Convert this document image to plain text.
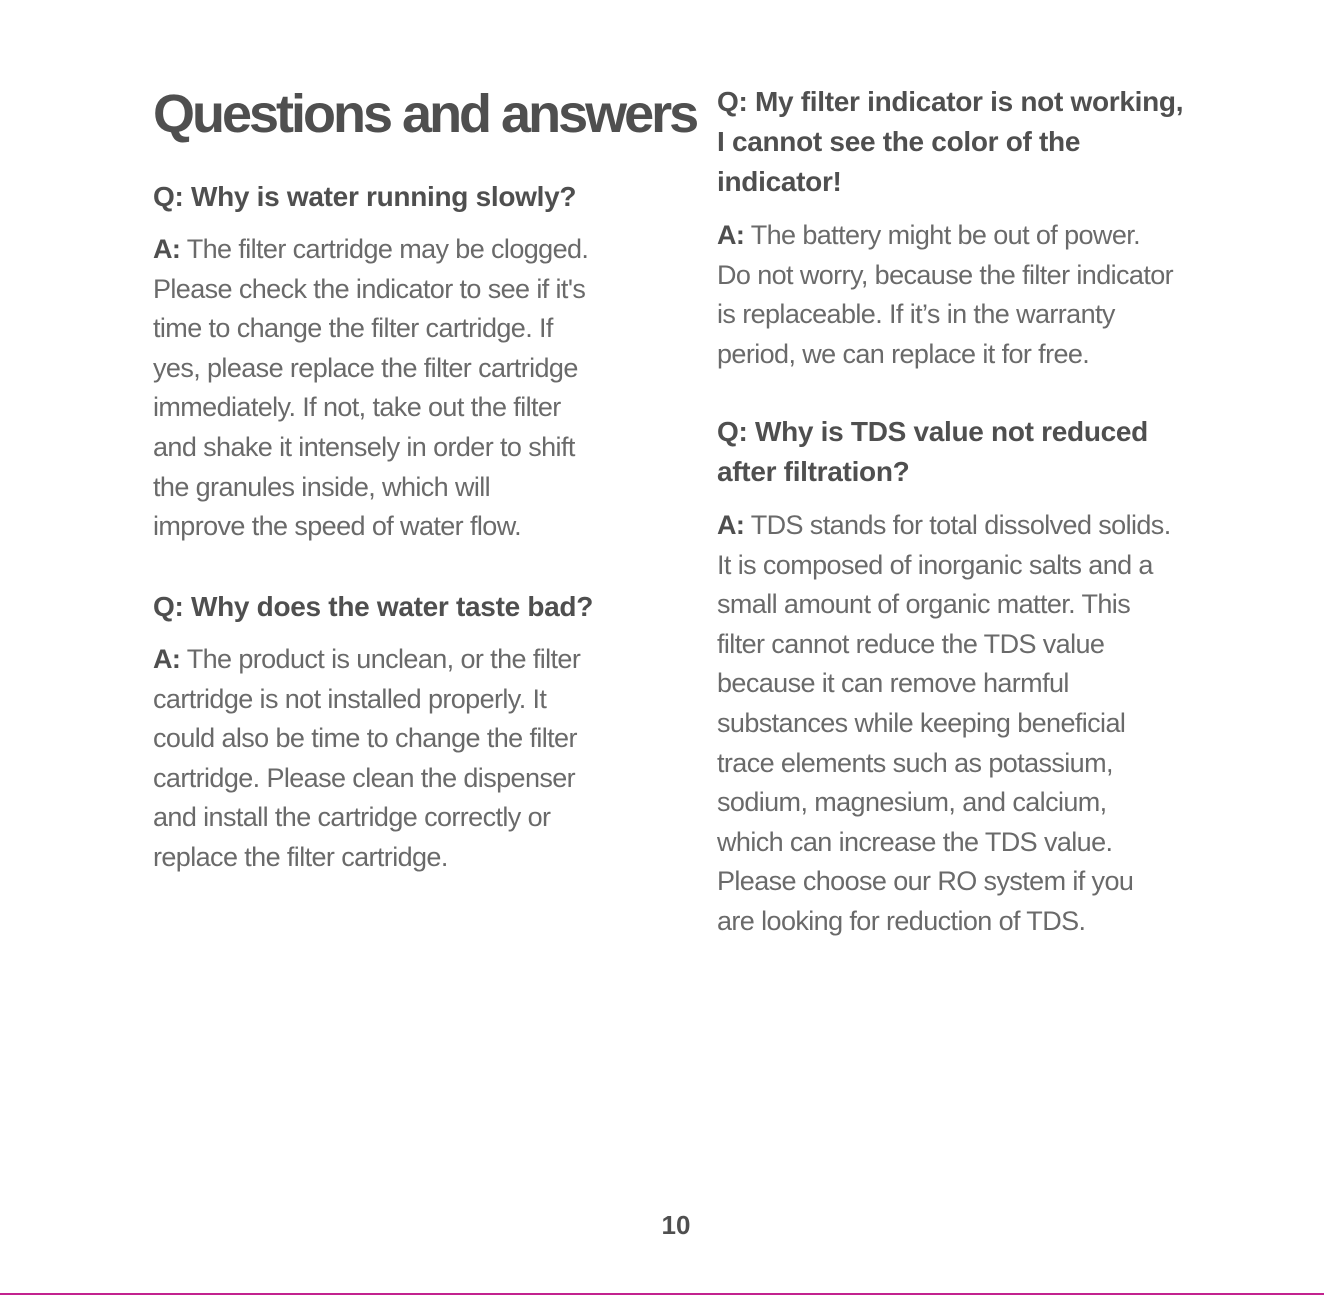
Questions and answers
Q: Why is water running slowly?

A: The filter cartridge may be clogged.
Please check the indicator to see if it's
time to change the filter cartridge. If
yes, please replace the filter cartridge
immediately. If not, take out the filter
and shake it intensely in order to shift
the granules inside, which will
improve the speed of water flow.

Q: Why does the water taste bad?

A: The product is unclean, or the filter
cartridge is not installed properly. It
could also be time to change the filter
cartridge. Please clean the dispenser
and install the cartridge correctly or
replace the filter cartridge.

Q: My filter indicator is not working,
I cannot see the color of the
indicator!

A: The battery might be out of power.
Do not worry, because the filter indicator
is replaceable. If it’s in the warranty
period, we can replace it for free.

Q: Why is TDS value not reduced
after filtration?

A: TDS stands for total dissolved solids.
It is composed of inorganic salts and a
small amount of organic matter. This
filter cannot reduce the TDS value
because it can remove harmful
substances while keeping beneficial
trace elements such as potassium,
sodium, magnesium, and calcium,
which can increase the TDS value.
Please choose our RO system if you
are looking for reduction of TDS.

10
